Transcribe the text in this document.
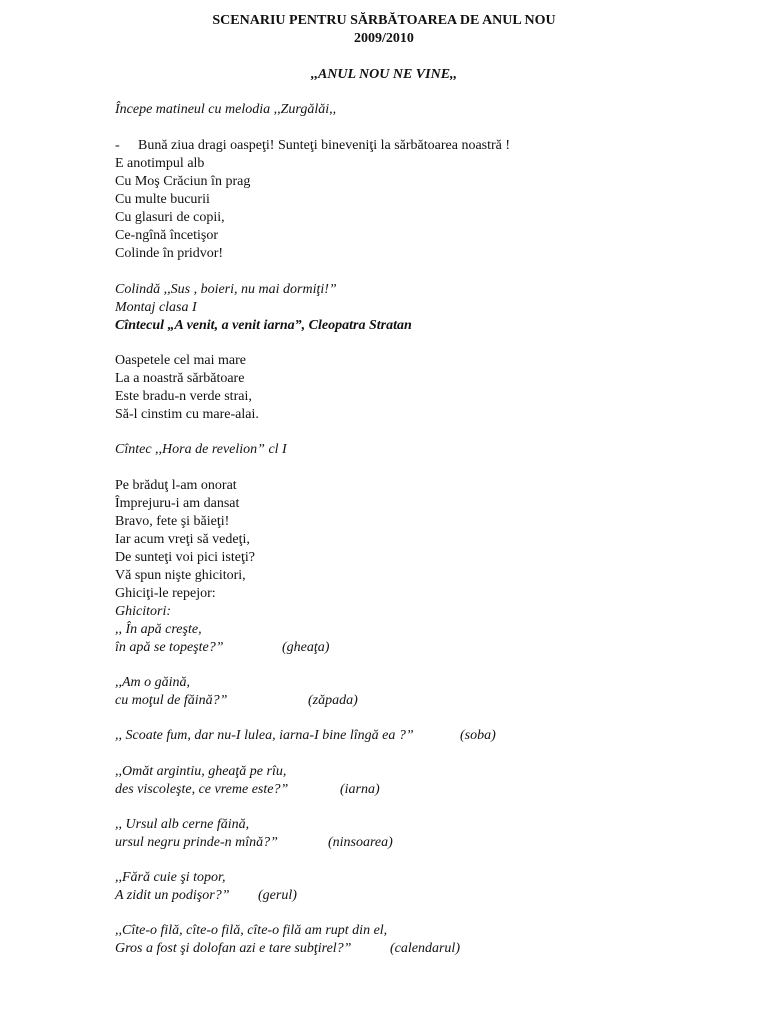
SCENARIU PENTRU SĂRBĂTOAREA DE ANUL NOU
2009/2010
,,ANUL NOU NE VINE,,
Începe matineul cu melodia ,,Zurgălăi,,
- Bună ziua dragi oaspeţi! Sunteţi bineveniţi la sărbătoarea noastră !
E anotimpul alb
Cu Moş Crăciun în prag
Cu multe bucurii
Cu glasuri de copii,
Ce-ngînă încetişor
Colinde în pridvor!
Colindă ,,Sus , boieri, nu mai dormiţi!”
Montaj clasa I
Cîntecul „A venit, a venit iarna”, Cleopatra Stratan
Oaspetele cel mai mare
La a noastră sărbătoare
Este bradu-n verde strai,
Să-l cinstim cu mare-alai.
Cîntec ,,Hora de revelion” cl I
Pe brăduţ l-am onorat
Împrejuru-i am dansat
Bravo, fete şi băieţi!
Iar acum vreţi să vedeţi,
De sunteţi voi pici isteţi?
Vă spun nişte ghicitori,
Ghiciţi-le repejor:
Ghicitori:
,, În apă creşte,
în apă se topeşte?”	(gheaţa)
,,Am o găină,
cu moţul de făină?”	(zăpada)
,, Scoate fum, dar nu-I lulea, iarna-I bine lîngă ea ?”	(soba)
,,Omăt argintiu, gheaţă pe rîu,
des viscoleşte, ce vreme este?”	(iarna)
,, Ursul alb cerne făină,
ursul negru prinde-n mînă?”	(ninsoarea)
,,Fără cuie şi topor,
A zidit un podişor?” (gerul)
,,Cîte-o filă, cîte-o filă, cîte-o filă am rupt din el,
Gros a fost şi dolofan azi e tare subţirel?”	(calendarul)
